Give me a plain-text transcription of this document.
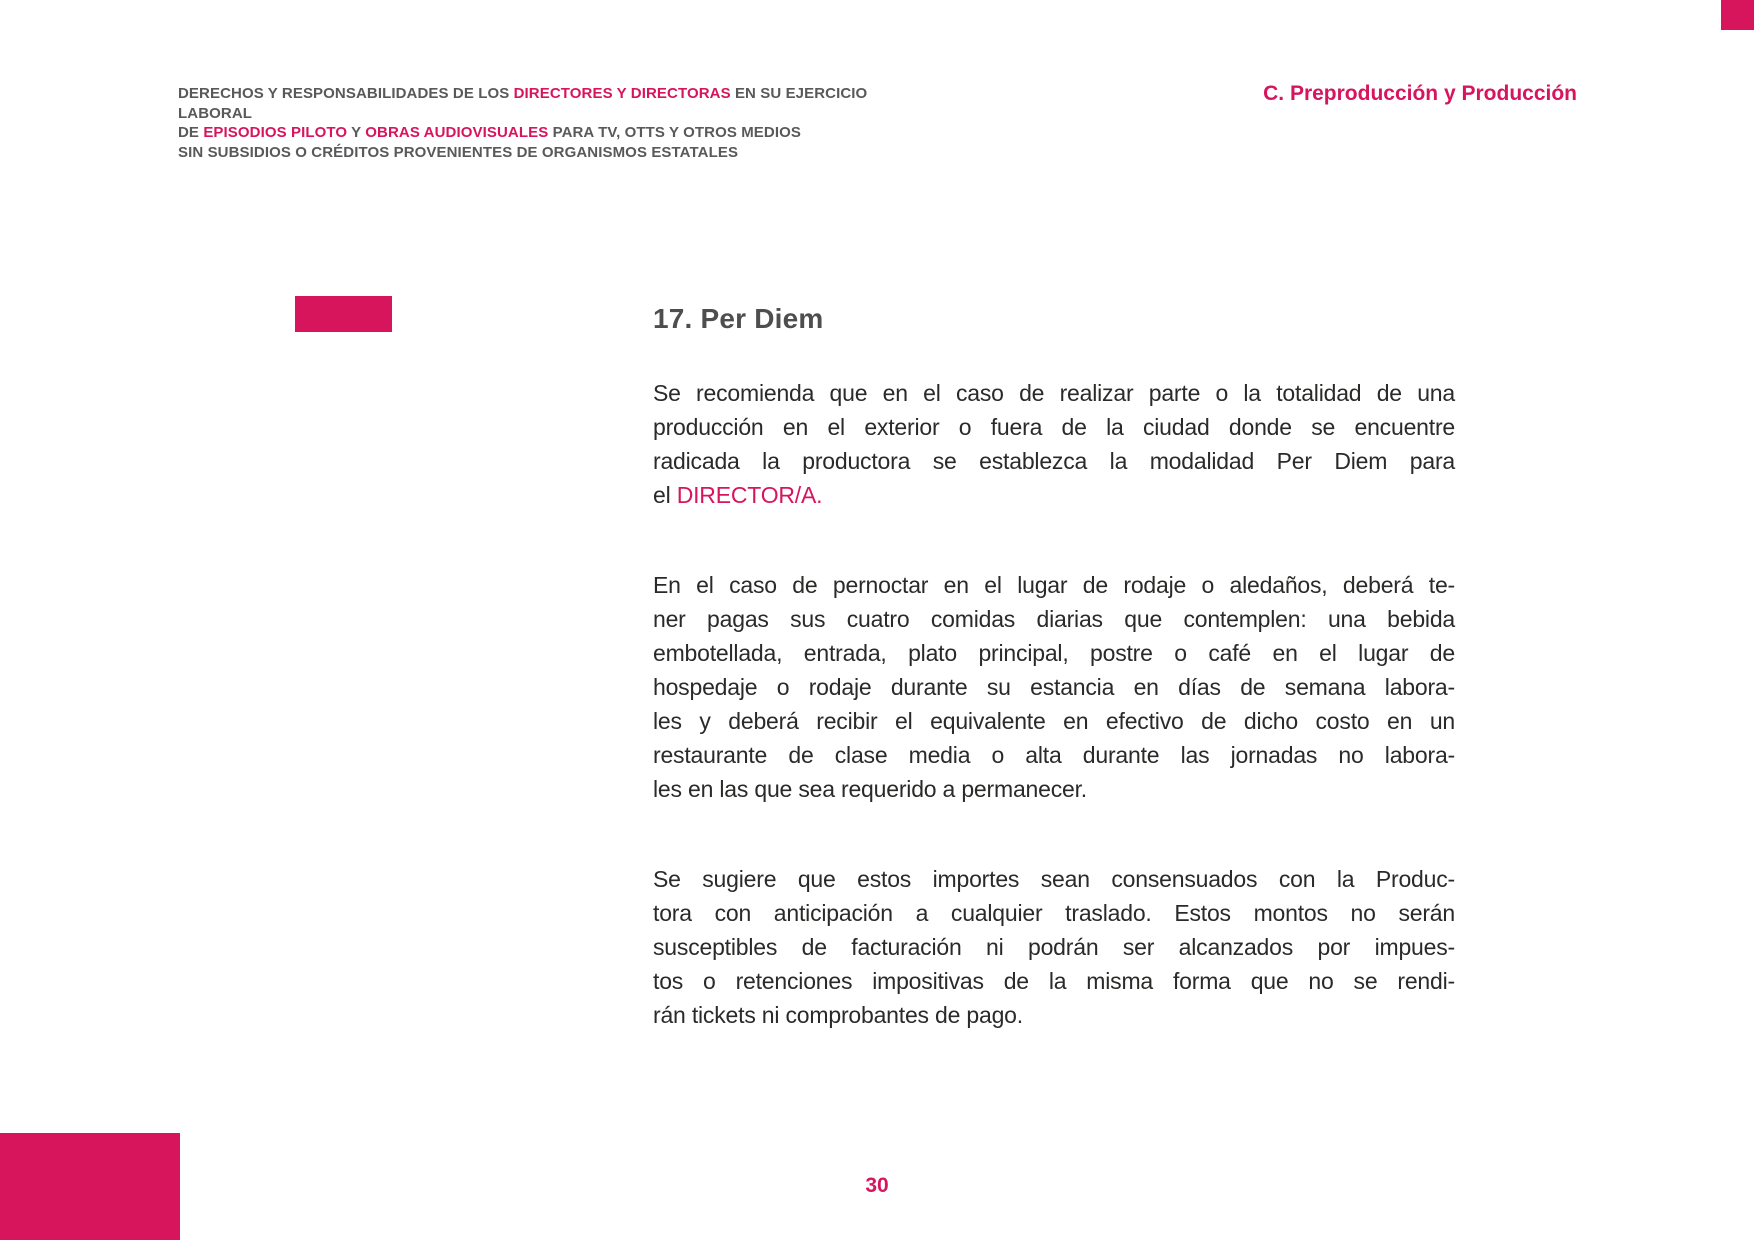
DERECHOS Y RESPONSABILIDADES DE LOS DIRECTORES Y DIRECTORAS EN SU EJERCICIO LABORAL
DE EPISODIOS PILOTO Y OBRAS AUDIOVISUALES PARA TV, OTTS Y OTROS MEDIOS
SIN SUBSIDIOS O CRÉDITOS PROVENIENTES DE ORGANISMOS ESTATALES
C. Preproducción y Producción
17. Per Diem
Se recomienda que en el caso de realizar parte o la totalidad de una
producción en el exterior o fuera de la ciudad donde se encuentre
radicada la productora se establezca la modalidad Per Diem para
el DIRECTOR/A.
En el caso de pernoctar en el lugar de rodaje o aledaños, deberá te-
ner pagas sus cuatro comidas diarias que contemplen: una bebida
embotellada, entrada, plato principal, postre o café en el lugar de
hospedaje o rodaje durante su estancia en días de semana labora-
les y deberá recibir el equivalente en efectivo de dicho costo en un
restaurante de clase media o alta durante las jornadas no labora-
les en las que sea requerido a permanecer.
Se sugiere que estos importes sean consensuados con la Produc-
tora con anticipación a cualquier traslado. Estos montos no serán
susceptibles de facturación ni podrán ser alcanzados por impues-
tos o retenciones impositivas de la misma forma que no se rendi-
rán tickets ni comprobantes de pago.
30
